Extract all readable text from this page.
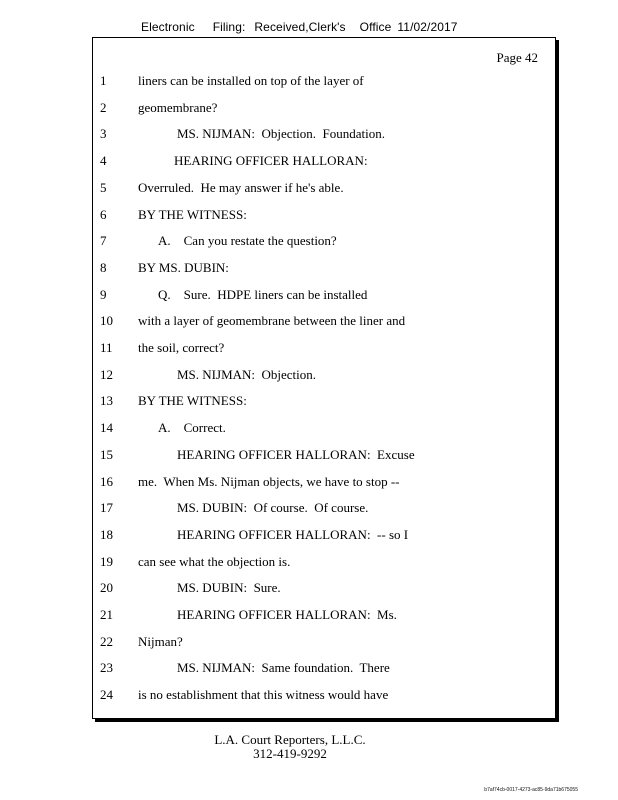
Electronic Filing: Received,Clerk's Office 11/02/2017
Page 42
1	liners can be installed on top of the layer of
2	geomembrane?
3	MS. NIJMAN:  Objection.  Foundation.
4	HEARING OFFICER HALLORAN:
5	Overruled.  He may answer if he's able.
6	BY THE WITNESS:
7	A.    Can you restate the question?
8	BY MS. DUBIN:
9	Q.    Sure.  HDPE liners can be installed
10	with a layer of geomembrane between the liner and
11	the soil, correct?
12	MS. NIJMAN:  Objection.
13	BY THE WITNESS:
14	A.    Correct.
15	HEARING OFFICER HALLORAN:  Excuse
16	me.  When Ms. Nijman objects, we have to stop --
17	MS. DUBIN:  Of course.  Of course.
18	HEARING OFFICER HALLORAN:  -- so I
19	can see what the objection is.
20	MS. DUBIN:  Sure.
21	HEARING OFFICER HALLORAN:  Ms.
22	Nijman?
23	MS. NIJMAN:  Same foundation.  There
24	is no establishment that this witness would have
L.A. Court Reporters, L.L.C.
312-419-9292
b7af74cb-0017-4273-ac85-9da71b675055
